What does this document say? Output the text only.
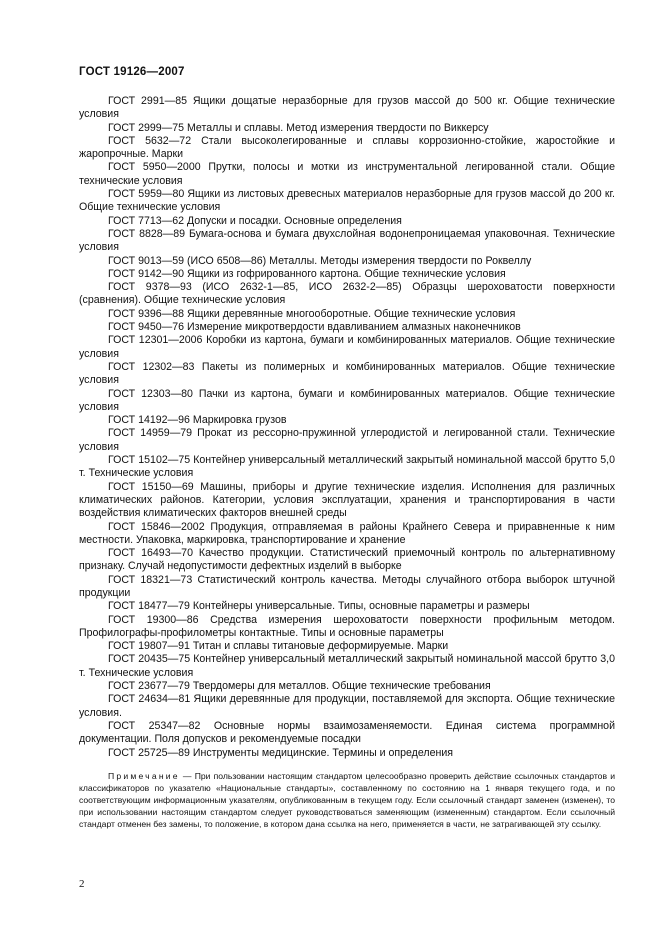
ГОСТ 19126—2007

ГОСТ 2991—85 Ящики дощатые неразборные для грузов массой до 500 кг. Общие технические условия

ГОСТ 2999—75 Металлы и сплавы. Метод измерения твердости по Виккерсу

ГОСТ 5632—72 Стали высоколегированные и сплавы коррозионно-стойкие, жаростойкие и жаропрочные. Марки

ГОСТ 5950—2000 Прутки, полосы и мотки из инструментальной легированной стали. Общие технические условия

ГОСТ 5959—80 Ящики из листовых древесных материалов неразборные для грузов массой до 200 кг. Общие технические условия

ГОСТ 7713—62 Допуски и посадки. Основные определения

ГОСТ 8828—89 Бумага-основа и бумага двухслойная водонепроницаемая упаковочная. Технические условия

ГОСТ 9013—59 (ИСО 6508—86) Металлы. Методы измерения твердости по Роквеллу

ГОСТ 9142—90 Ящики из гофрированного картона. Общие технические условия

ГОСТ 9378—93 (ИСО 2632-1—85, ИСО 2632-2—85) Образцы шероховатости поверхности (сравнения). Общие технические условия

ГОСТ 9396—88 Ящики деревянные многооборотные. Общие технические условия

ГОСТ 9450—76 Измерение микротвердости вдавливанием алмазных наконечников

ГОСТ 12301—2006 Коробки из картона, бумаги и комбинированных материалов. Общие технические условия

ГОСТ 12302—83 Пакеты из полимерных и комбинированных материалов. Общие технические условия

ГОСТ 12303—80 Пачки из картона, бумаги и комбинированных материалов. Общие технические условия

ГОСТ 14192—96 Маркировка грузов

ГОСТ 14959—79 Прокат из рессорно-пружинной углеродистой и легированной стали. Технические условия

ГОСТ 15102—75 Контейнер универсальный металлический закрытый номинальной массой брутто 5,0 т. Технические условия

ГОСТ 15150—69 Машины, приборы и другие технические изделия. Исполнения для различных климатических районов. Категории, условия эксплуатации, хранения и транспортирования в части воздействия климатических факторов внешней среды

ГОСТ 15846—2002 Продукция, отправляемая в районы Крайнего Севера и приравненные к ним местности. Упаковка, маркировка, транспортирование и хранение

ГОСТ 16493—70 Качество продукции. Статистический приемочный контроль по альтернативному признаку. Случай недопустимости дефектных изделий в выборке

ГОСТ 18321—73 Статистический контроль качества. Методы случайного отбора выборок штучной продукции

ГОСТ 18477—79 Контейнеры универсальные. Типы, основные параметры и размеры

ГОСТ 19300—86 Средства измерения шероховатости поверхности профильным методом. Профилографы-профилометры контактные. Типы и основные параметры

ГОСТ 19807—91 Титан и сплавы титановые деформируемые. Марки

ГОСТ 20435—75 Контейнер универсальный металлический закрытый номинальной массой брутто 3,0 т. Технические условия

ГОСТ 23677—79 Твердомеры для металлов. Общие технические требования

ГОСТ 24634—81 Ящики деревянные для продукции, поставляемой для экспорта. Общие технические условия.

ГОСТ 25347—82 Основные нормы взаимозаменяемости. Единая система программной документации. Поля допусков и рекомендуемые посадки

ГОСТ 25725—89 Инструменты медицинские. Термины и определения

Примечание — При пользовании настоящим стандартом целесообразно проверить действие ссылочных стандартов и классификаторов по указателю «Национальные стандарты», составленному по состоянию на 1 января текущего года, и по соответствующим информационным указателям, опубликованным в текущем году. Если ссылочный стандарт заменен (изменен), то при использовании настоящим стандартом следует руководствоваться заменяющим (измененным) стандартом. Если ссылочный стандарт отменен без замены, то положение, в котором дана ссылка на него, применяется в части, не затрагивающей эту ссылку.
2
